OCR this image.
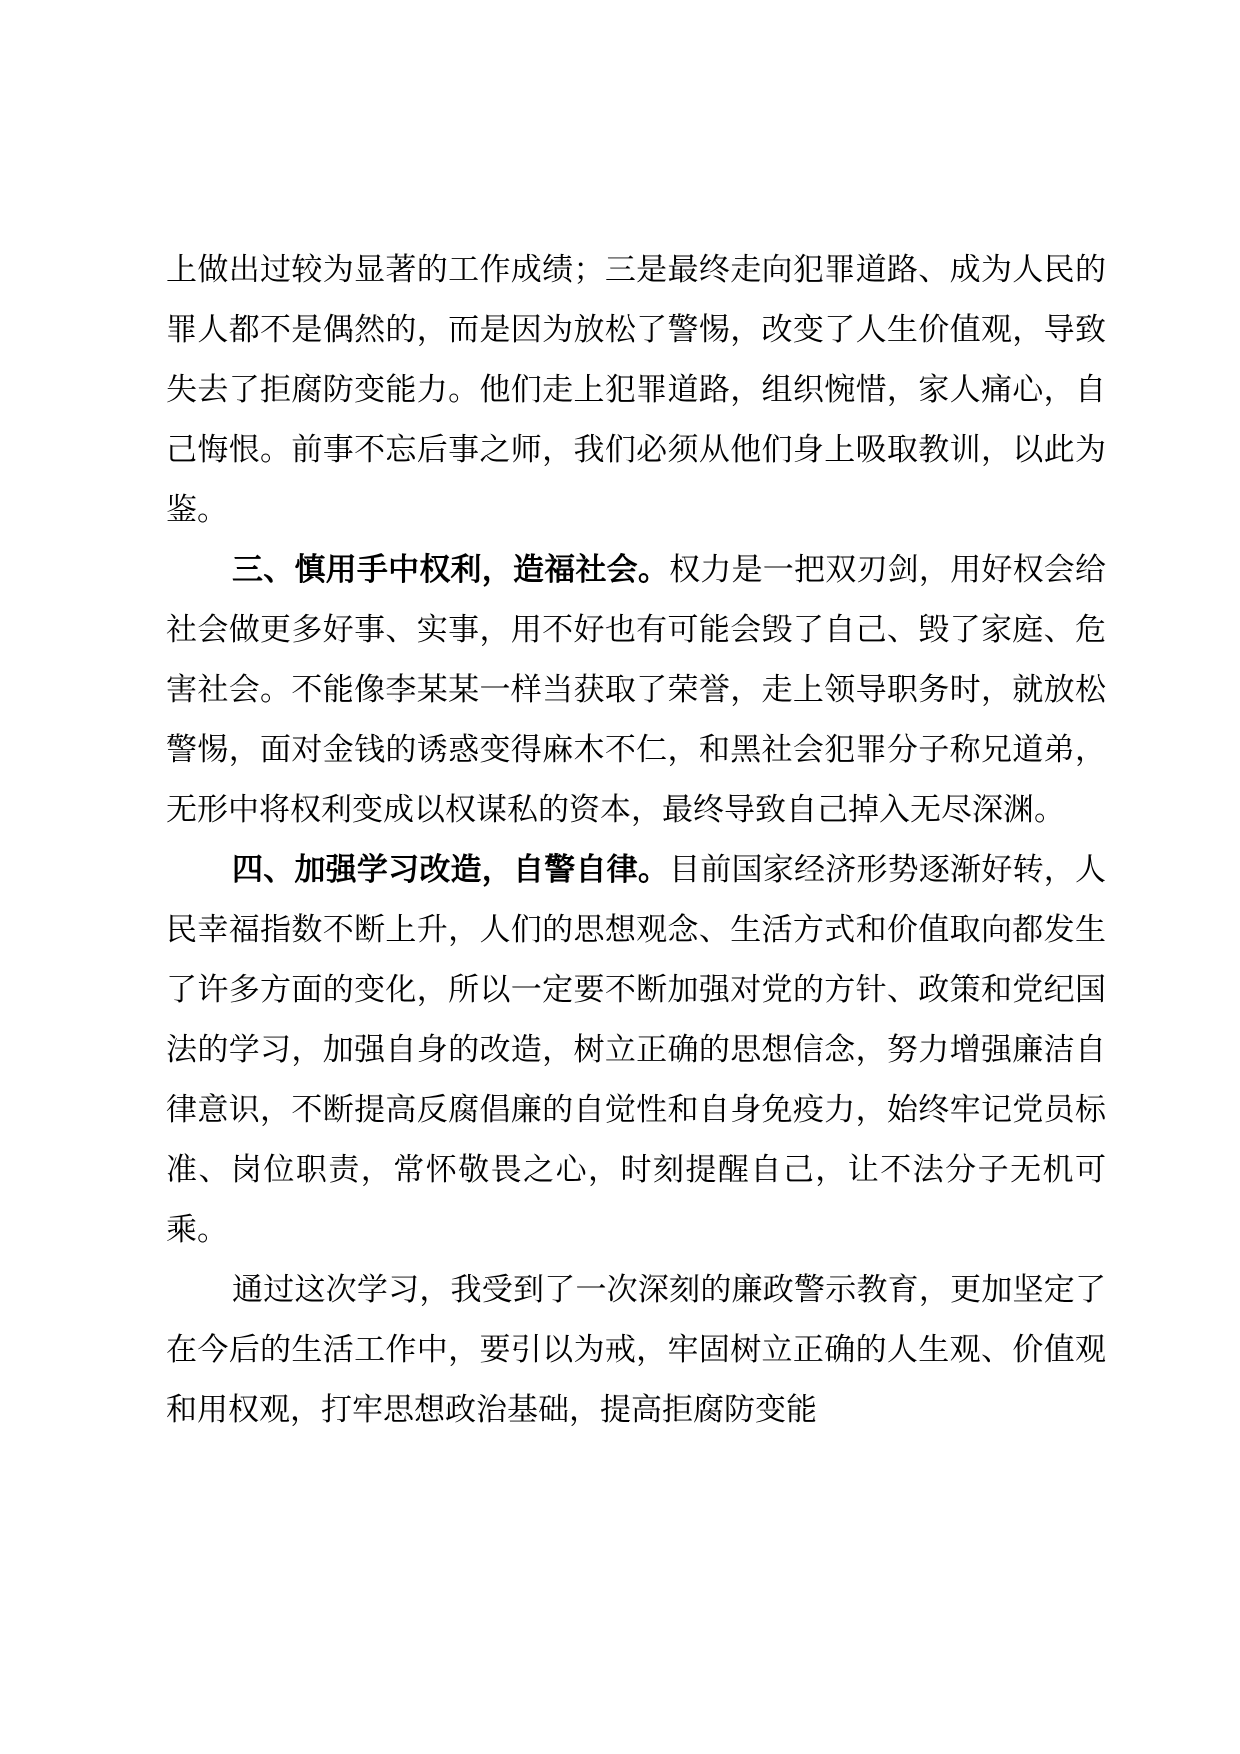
上做出过较为显著的工作成绩；三是最终走向犯罪道路、成为人民的罪人都不是偶然的，而是因为放松了警惕，改变了人生价值观，导致失去了拒腐防变能力。他们走上犯罪道路，组织惋惜，家人痛心，自己悔恨。前事不忘后事之师，我们必须从他们身上吸取教训，以此为鉴。

三、慎用手中权利，造福社会。权力是一把双刃剑，用好权会给社会做更多好事、实事，用不好也有可能会毁了自己、毁了家庭、危害社会。不能像李某某一样当获取了荣誉，走上领导职务时，就放松警惕，面对金钱的诱惑变得麻木不仁，和黑社会犯罪分子称兄道弟，无形中将权利变成以权谋私的资本，最终导致自己掉入无尽深渊。

四、加强学习改造，自警自律。目前国家经济形势逐渐好转，人民幸福指数不断上升，人们的思想观念、生活方式和价值取向都发生了许多方面的变化，所以一定要不断加强对党的方针、政策和党纪国法的学习，加强自身的改造，树立正确的思想信念，努力增强廉洁自律意识，不断提高反腐倡廉的自觉性和自身免疫力，始终牢记党员标准、岗位职责，常怀敬畏之心，时刻提醒自己，让不法分子无机可乘。

通过这次学习，我受到了一次深刻的廉政警示教育，更加坚定了在今后的生活工作中，要引以为戒，牢固树立正确的人生观、价值观和用权观，打牢思想政治基础，提高拒腐防变能
